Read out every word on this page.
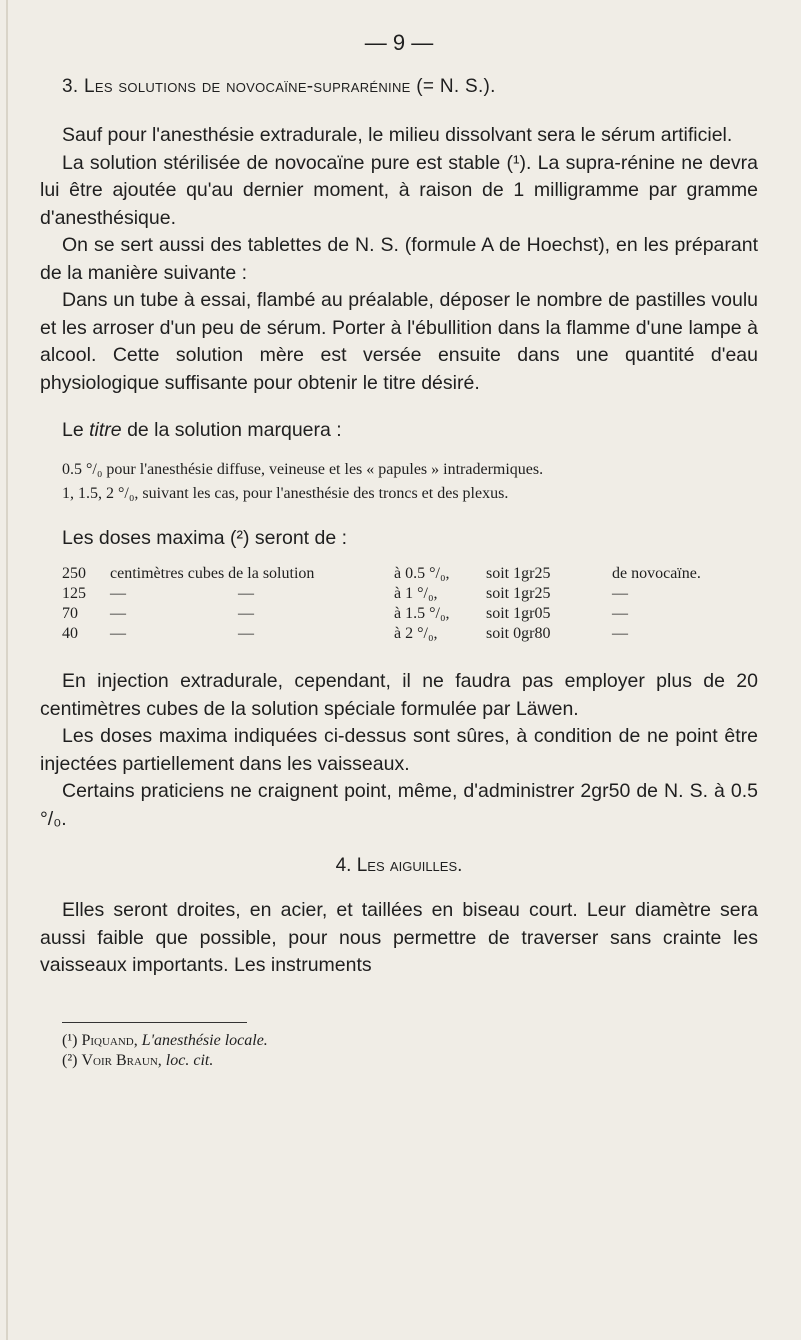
— 9 —
3. Les solutions de novocaïne-suprarénine (= N. S.).

Sauf pour l'anesthésie extradurale, le milieu dissolvant sera le sérum artificiel.

La solution stérilisée de novocaïne pure est stable (¹). La supra-rénine ne devra lui être ajoutée qu'au dernier moment, à raison de 1 milligramme par gramme d'anesthésique.

On se sert aussi des tablettes de N. S. (formule A de Hoechst), en les préparant de la manière suivante :

Dans un tube à essai, flambé au préalable, déposer le nombre de pastilles voulu et les arroser d'un peu de sérum. Porter à l'ébullition dans la flamme d'une lampe à alcool. Cette solution mère est versée ensuite dans une quantité d'eau physiologique suffisante pour obtenir le titre désiré.

Le titre de la solution marquera :

0.5 °/₀ pour l'anesthésie diffuse, veineuse et les « papules » intradermiques.
1, 1.5, 2 °/₀, suivant les cas, pour l'anesthésie des troncs et des plexus.

Les doses maxima (²) seront de :

250	centimètres cubes de la solution	à 0.5 °/₀,	soit 1gr25	de novocaïne.
125	—                            —	à 1 °/₀,	soit 1gr25	—
70	—                            —	à 1.5 °/₀,	soit 1gr05	—
40	—                            —	à 2 °/₀,	soit 0gr80	—

En injection extradurale, cependant, il ne faudra pas employer plus de 20 centimètres cubes de la solution spéciale formulée par Läwen.

Les doses maxima indiquées ci-dessus sont sûres, à condition de ne point être injectées partiellement dans les vaisseaux.

Certains praticiens ne craignent point, même, d'administrer 2gr50 de N. S. à 0.5 °/₀.

4. Les aiguilles.

Elles seront droites, en acier, et taillées en biseau court. Leur diamètre sera aussi faible que possible, pour nous permettre de traverser sans crainte les vaisseaux importants. Les instruments

(¹) Piquand, L'anesthésie locale.
(²) Voir Braun, loc. cit.
